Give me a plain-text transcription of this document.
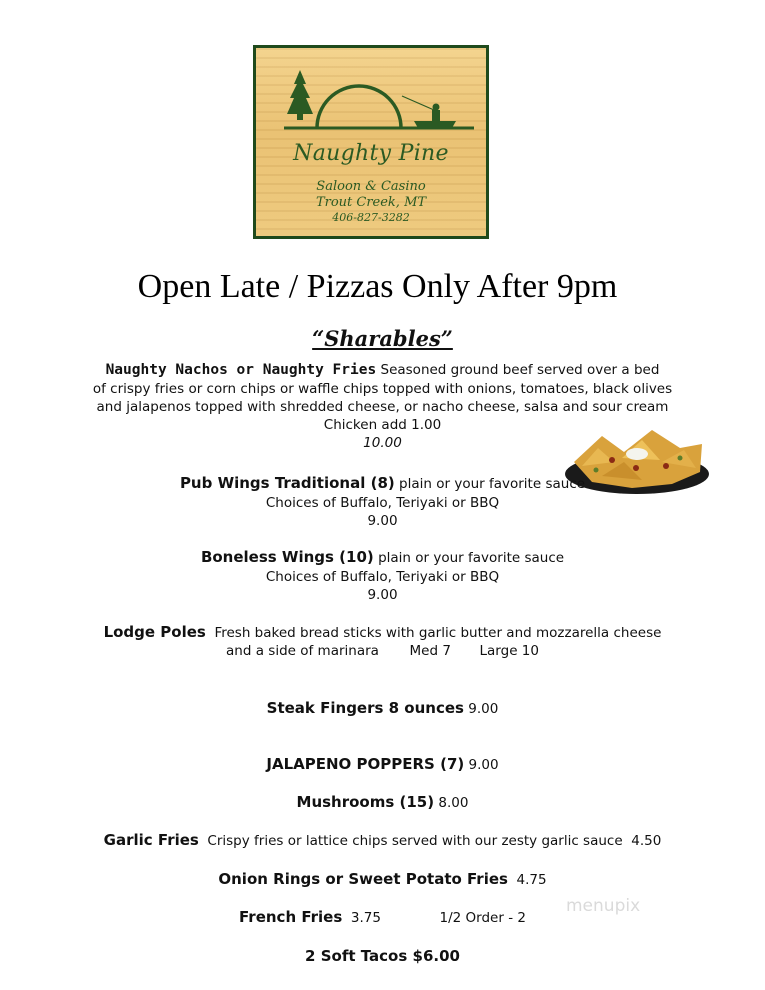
Naughty Pine
Saloon & Casino
Trout Creek, MT
406-827-3282
Open Late / Pizzas Only After 9pm
“Sharables”
Naughty Nachos or Naughty Fries Seasoned ground beef served over a bed
of crispy fries or corn chips or waffle chips topped with onions, tomatoes, black olives
and jalapenos topped with shredded cheese, or nacho cheese, salsa and sour cream
Chicken add 1.00
10.00
Pub Wings Traditional (8) plain or your favorite sauce
Choices of Buffalo, Teriyaki or BBQ
9.00
Boneless Wings (10) plain or your favorite sauce
Choices of Buffalo, Teriyaki or BBQ
9.00
Lodge Poles Fresh baked bread sticks with garlic butter and mozzarella cheese
and a side of marinara Med 7 Large 10
Steak Fingers 8 ounces 9.00
JALAPENO POPPERS (7) 9.00
Mushrooms (15) 8.00
Garlic Fries Crispy fries or lattice chips served with our zesty garlic sauce 4.50
Onion Rings or Sweet Potato Fries 4.75
French Fries 3.75	1/2 Order - 2
2 Soft Tacos $6.00
menupix
